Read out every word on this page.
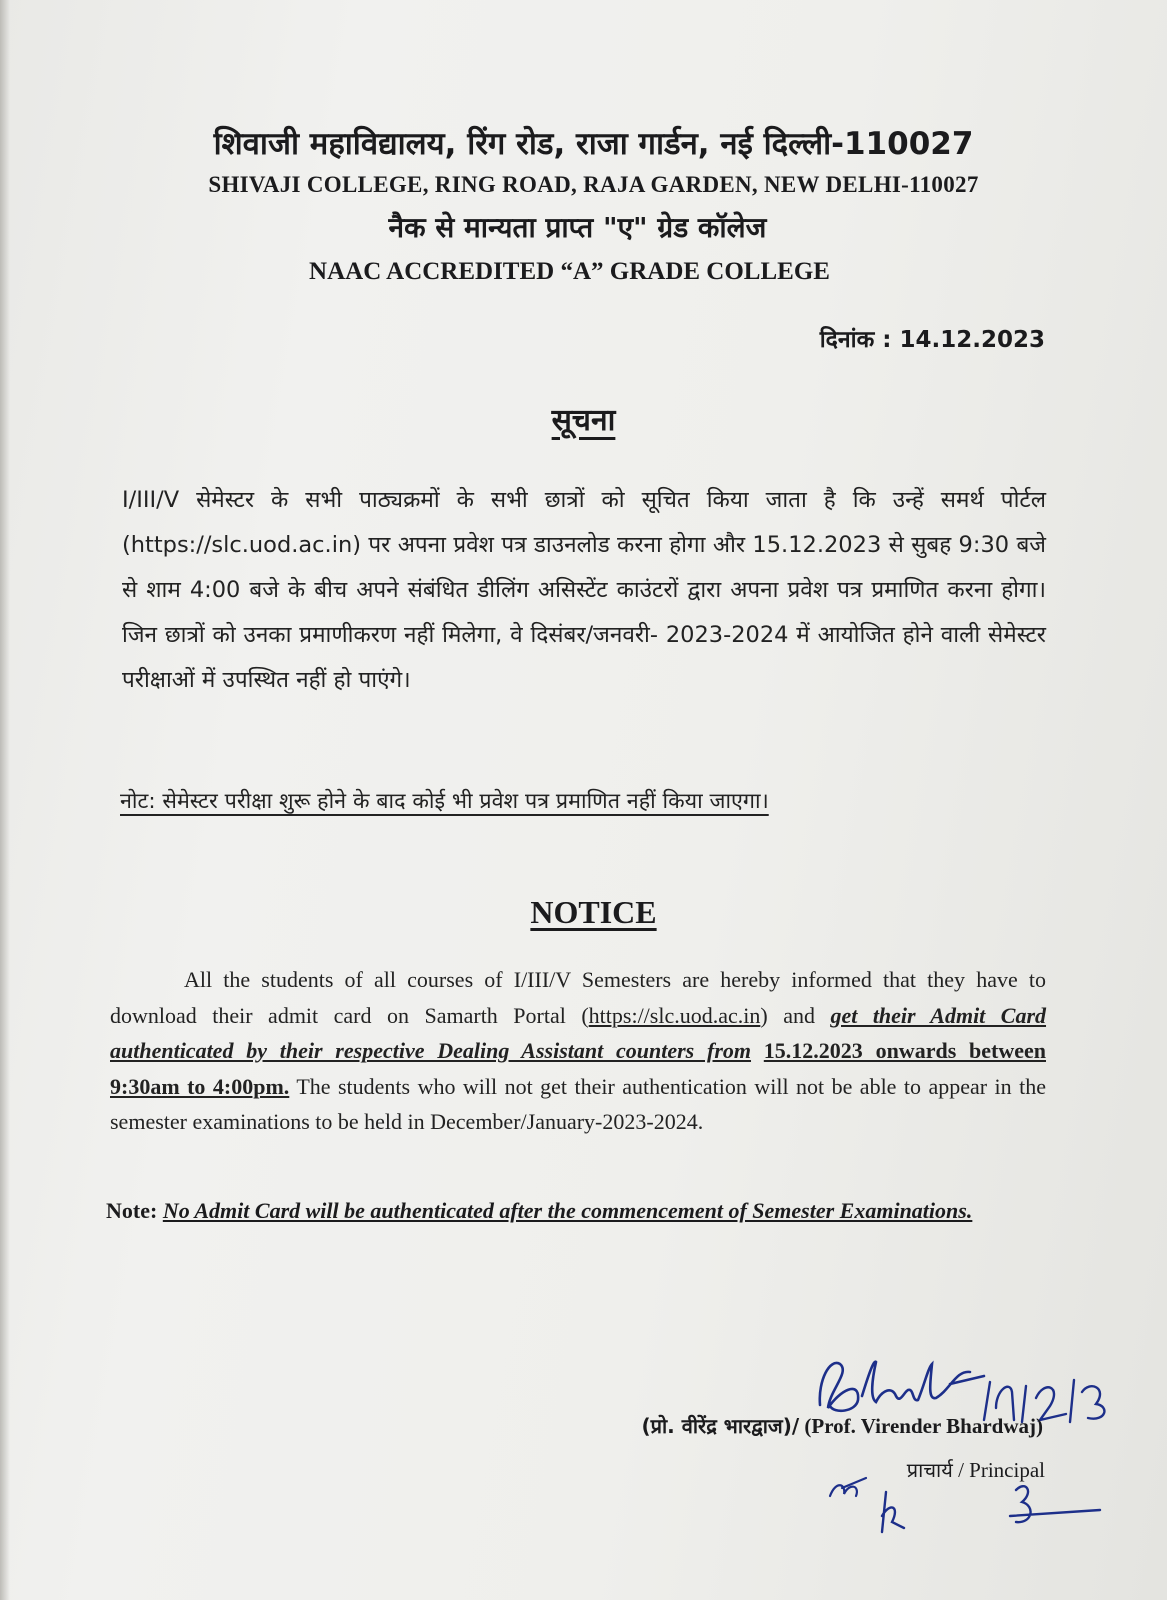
शिवाजी महाविद्यालय, रिंग रोड, राजा गार्डन, नई दिल्ली-110027
SHIVAJI COLLEGE, RING ROAD, RAJA GARDEN, NEW DELHI-110027
नैक से मान्यता प्राप्त "ए" ग्रेड कॉलेज
NAAC ACCREDITED “A” GRADE COLLEGE
दिनांक : 14.12.2023
सूचना
I/III/V सेमेस्टर के सभी पाठ्यक्रमों के सभी छात्रों को सूचित किया जाता है कि उन्हें समर्थ पोर्टल (https://slc.uod.ac.in) पर अपना प्रवेश पत्र डाउनलोड करना होगा और 15.12.2023 से सुबह 9:30 बजे से शाम 4:00 बजे के बीच अपने संबंधित डीलिंग असिस्टेंट काउंटरों द्वारा अपना प्रवेश पत्र प्रमाणित करना होगा। जिन छात्रों को उनका प्रमाणीकरण नहीं मिलेगा, वे दिसंबर/जनवरी- 2023-2024 में आयोजित होने वाली सेमेस्टर परीक्षाओं में उपस्थित नहीं हो पाएंगे।
नोट: सेमेस्टर परीक्षा शुरू होने के बाद कोई भी प्रवेश पत्र प्रमाणित नहीं किया जाएगा।
NOTICE
All the students of all courses of I/III/V Semesters are hereby informed that they have to download their admit card on Samarth Portal (https://slc.uod.ac.in) and get their Admit Card authenticated by their respective Dealing Assistant counters from 15.12.2023 onwards between 9:30am to 4:00pm. The students who will not get their authentication will not be able to appear in the semester examinations to be held in December/January-2023-2024.
Note: No Admit Card will be authenticated after the commencement of Semester Examinations.
(प्रो. वीरेंद्र भारद्वाज)/ (Prof. Virender Bhardwaj)
प्राचार्य / Principal
